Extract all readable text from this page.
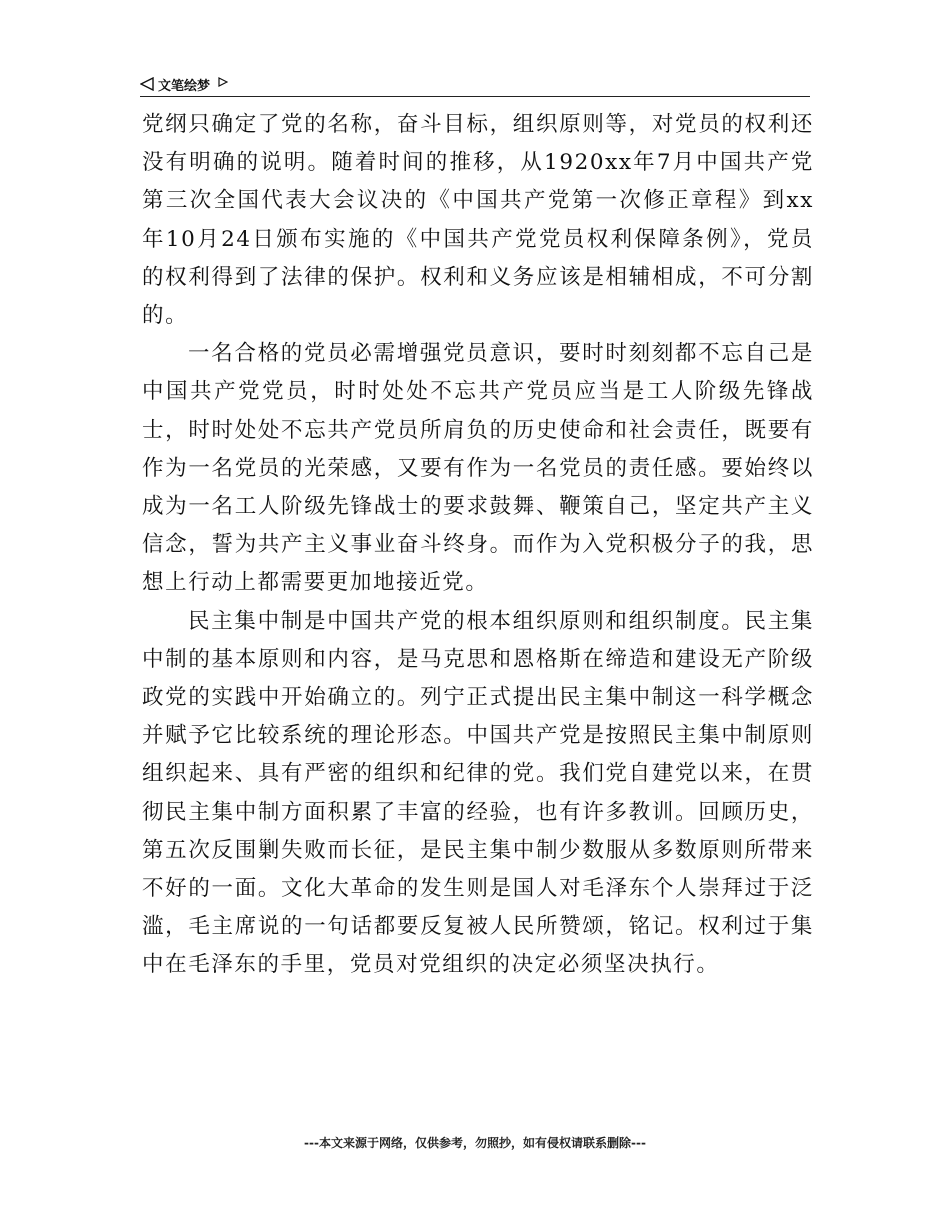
文笔绘梦

党纲只确定了党的名称，奋斗目标，组织原则等，对党员的权利还没有明确的说明。随着时间的推移，从1920xx年7月中国共产党第三次全国代表大会议决的《中国共产党第一次修正章程》到xx年10月24日颁布实施的《中国共产党党员权利保障条例》，党员的权利得到了法律的保护。权利和义务应该是相辅相成，不可分割的。

一名合格的党员必需增强党员意识，要时时刻刻都不忘自己是中国共产党党员，时时处处不忘共产党员应当是工人阶级先锋战士，时时处处不忘共产党员所肩负的历史使命和社会责任，既要有作为一名党员的光荣感，又要有作为一名党员的责任感。要始终以成为一名工人阶级先锋战士的要求鼓舞、鞭策自己，坚定共产主义信念，誓为共产主义事业奋斗终身。而作为入党积极分子的我，思想上行动上都需要更加地接近党。

民主集中制是中国共产党的根本组织原则和组织制度。民主集中制的基本原则和内容，是马克思和恩格斯在缔造和建设无产阶级政党的实践中开始确立的。列宁正式提出民主集中制这一科学概念并赋予它比较系统的理论形态。中国共产党是按照民主集中制原则组织起来、具有严密的组织和纪律的党。我们党自建党以来，在贯彻民主集中制方面积累了丰富的经验，也有许多教训。回顾历史，第五次反围剿失败而长征，是民主集中制少数服从多数原则所带来不好的一面。文化大革命的发生则是国人对毛泽东个人崇拜过于泛滥，毛主席说的一句话都要反复被人民所赞颂，铭记。权利过于集中在毛泽东的手里，党员对党组织的决定必须坚决执行。

---本文来源于网络，仅供参考，勿照抄，如有侵权请联系删除---
